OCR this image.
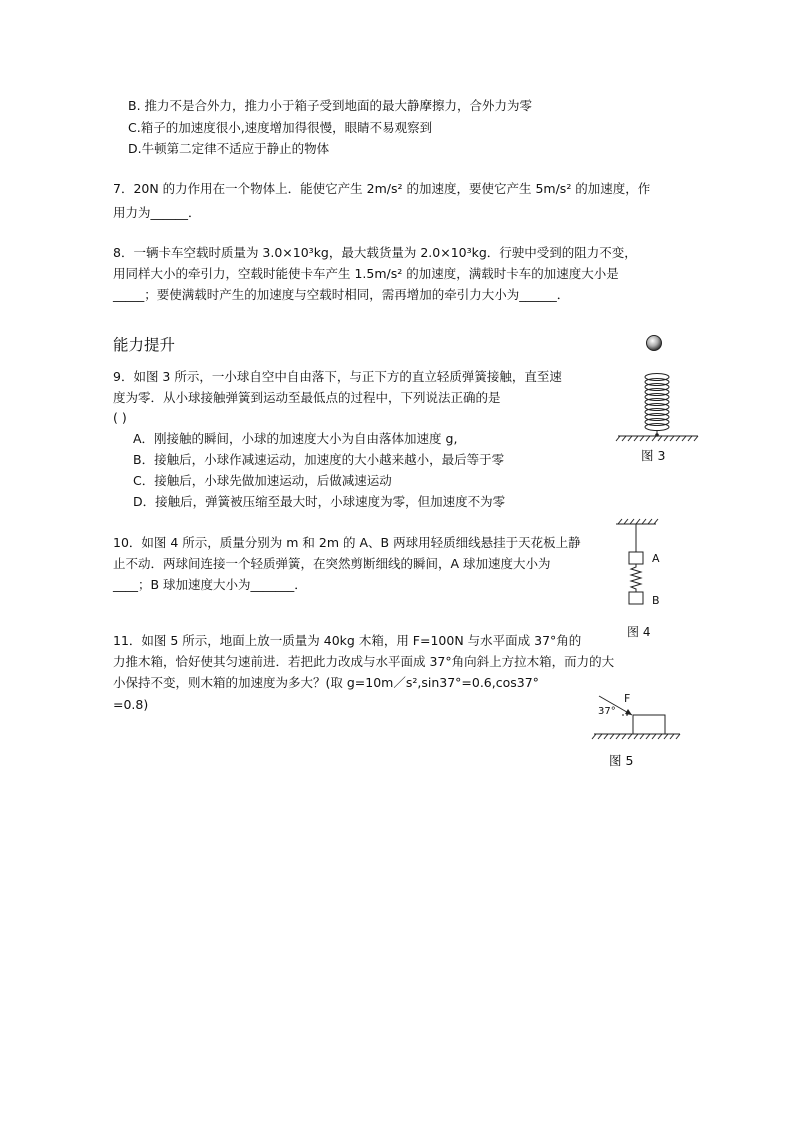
B. 推力不是合外力，推力小于箱子受到地面的最大静摩擦力，合外力为零
C.箱子的加速度很小,速度增加得很慢，眼睛不易观察到
D.牛顿第二定律不适应于静止的物体
7．20N 的力作用在一个物体上．能使它产生 2m/s² 的加速度，要使它产生 5m/s² 的加速度，作
用力为______．
8．一辆卡车空载时质量为 3.0×10³kg，最大载货量为 2.0×10³kg．行驶中受到的阻力不变，
用同样大小的牵引力，空载时能使卡车产生 1.5m/s² 的加速度，满载时卡车的加速度大小是
_____；要使满载时产生的加速度与空载时相同，需再增加的牵引力大小为______．
能力提升
9．如图 3 所示，一小球自空中自由落下，与正下方的直立轻质弹簧接触，直至速
度为零．从小球接触弹簧到运动至最低点的过程中，下列说法正确的是
( )
A．刚接触的瞬间，小球的加速度大小为自由落体加速度 g,
B．接触后，小球作减速运动，加速度的大小越来越小，最后等于零
C．接触后，小球先做加速运动，后做减速运动
D．接触后，弹簧被压缩至最大时，小球速度为零，但加速度不为零
图 3
10．如图 4 所示，质量分别为 m 和 2m 的 A、B 两球用轻质细线悬挂于天花板上静
止不动．两球间连接一个轻质弹簧，在突然剪断细线的瞬间，A 球加速度大小为
____；B 球加速度大小为_______．
A
B
图 4
11．如图 5 所示，地面上放一质量为 40kg 木箱，用 F=100N 与水平面成 37°角的
力推木箱，恰好使其匀速前进．若把此力改成与水平面成 37°角向斜上方拉木箱，而力的大
小保持不变，则木箱的加速度为多大？(取 g=10m／s²,sin37°=0.6,cos37°
=0.8)	F
37°
图 5
